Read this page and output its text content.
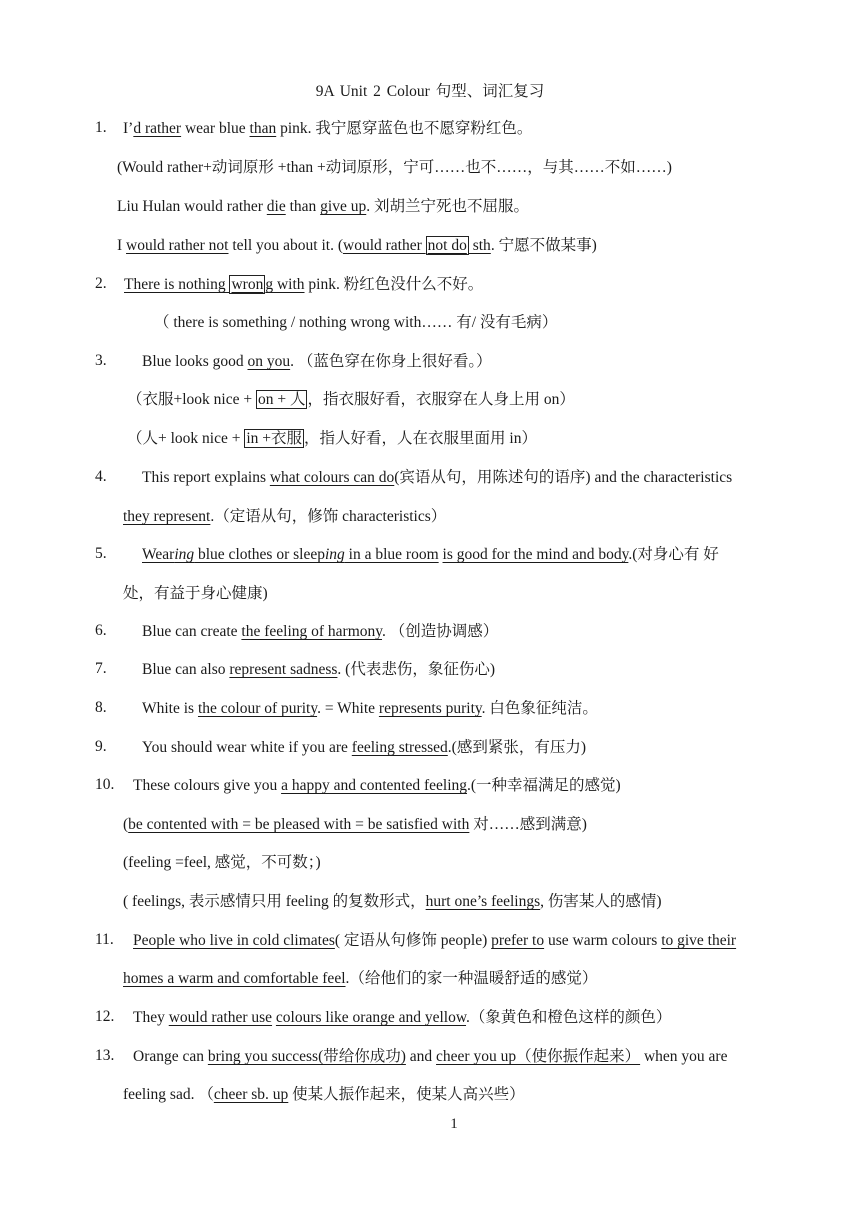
9A Unit 2 Colour 句型、词汇复习
1. I’d rather wear blue than pink. 我宁愿穿蓝色也不愿穿粉红色。
(Would rather+动词原形 +than +动词原形，宁可……也不……，与其……不如……)
Liu Hulan would rather die than give up. 刘胡兰宁死也不屈服。
I would rather not tell you about it. (would rather not do sth. 宁愿不做某事)
2. There is nothing wron g with pink. 粉红色没什么不好。
（ there is something / nothing wrong with…… 有/ 没有毛病）
3. Blue looks good on you. （蓝色穿在你身上很好看。）
（衣服+look nice + on + 人 ，指衣服好看，衣服穿在人身上用 on）
（人+ look nice + in +衣服 ，指人好看，人在衣服里面用 in）
4. This report explains what colours can do(宾语从句，用陈述句的语序) and the characteristics
they represent.（定语从句，修饰 characteristics）
5. Wearing blue clothes or sleeping in a blue room is good for the mind and body.(对身心有 好
处，有益于身心健康)
6. Blue can create the feeling of harmony. （创造协调感）
7. Blue can also represent sadness. (代表悲伤，象征伤心)
8. White is the colour of purity. = White represents purity. 白色象征纯洁。
9. You should wear white if you are feeling stressed.(感到紧张，有压力)
10. These colours give you a happy and contented feeling.(一种幸福满足的感觉)
(be contented with = be pleased with = be satisfied with 对……感到满意)
(feeling =feel, 感觉，不可数；)
( feelings, 表示感情只用 feeling 的复数形式，hurt one’s feelings, 伤害某人的感情)
11. People who live in cold climates( 定语从句修饰 people) prefer to use warm colours to give their
homes a warm and comfortable feel.（给他们的家一种温暖舒适的感觉）
12. They would rather use colours like orange and yellow.（象黄色和橙色这样的颜色）
13. Orange can bring you success(带给你成功) and cheer you up（使你振作起来） when you are
feeling sad. （cheer sb. up 使某人振作起来，使某人高兴些）
1
